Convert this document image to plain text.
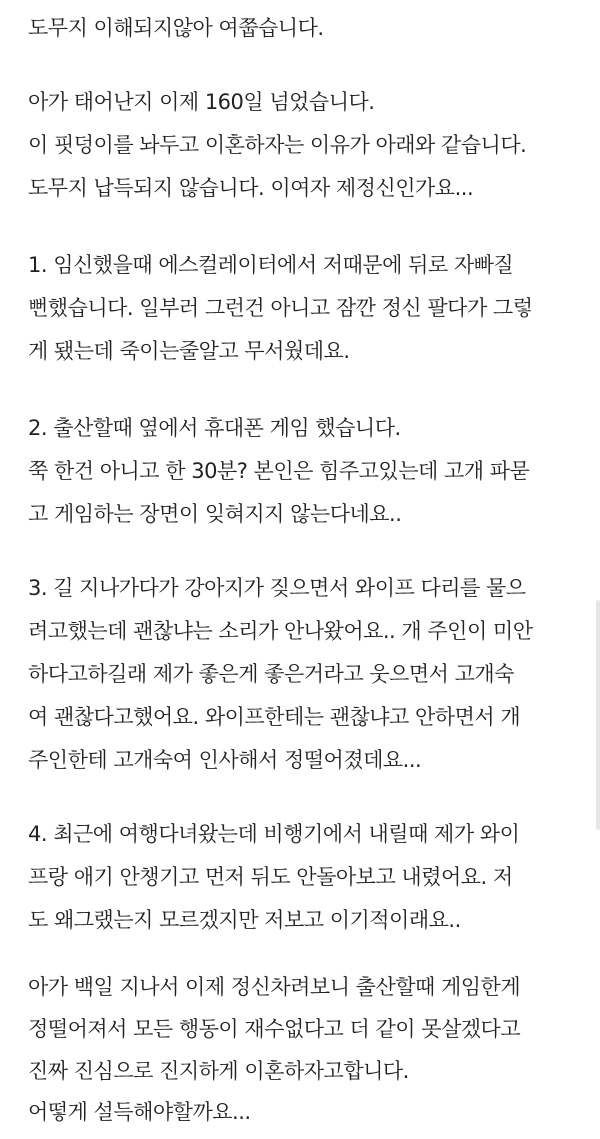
도무지 이해되지않아 여쭙습니다.
아가 태어난지 이제 160일 넘었습니다.
이 핏덩이를 놔두고 이혼하자는 이유가 아래와 같습니다.
도무지 납득되지 않습니다. 이여자 제정신인가요...
1. 임신했을때 에스컬레이터에서 저때문에 뒤로 자빠질
뻔했습니다. 일부러 그런건 아니고 잠깐 정신 팔다가 그렇
게 됐는데 죽이는줄알고 무서웠데요.
2. 출산할때 옆에서 휴대폰 게임 했습니다.
쭉 한건 아니고 한 30분? 본인은 힘주고있는데 고개 파묻
고 게임하는 장면이 잊혀지지 않는다네요..
3. 길 지나가다가 강아지가 짖으면서 와이프 다리를 물으
려고했는데 괜찮냐는 소리가 안나왔어요.. 개 주인이 미안
하다고하길래 제가 좋은게 좋은거라고 웃으면서 고개숙
여 괜찮다고했어요. 와이프한테는 괜찮냐고 안하면서 개
주인한테 고개숙여 인사해서 정떨어졌데요...
4. 최근에 여행다녀왔는데 비행기에서 내릴때 제가 와이
프랑 애기 안챙기고 먼저 뒤도 안돌아보고 내렸어요. 저
도 왜그랬는지 모르겠지만 저보고 이기적이래요..
아가 백일 지나서 이제 정신차려보니 출산할때 게임한게
정떨어져서 모든 행동이 재수없다고 더 같이 못살겠다고
진짜 진심으로 진지하게 이혼하자고합니다.
어떻게 설득해야할까요...
